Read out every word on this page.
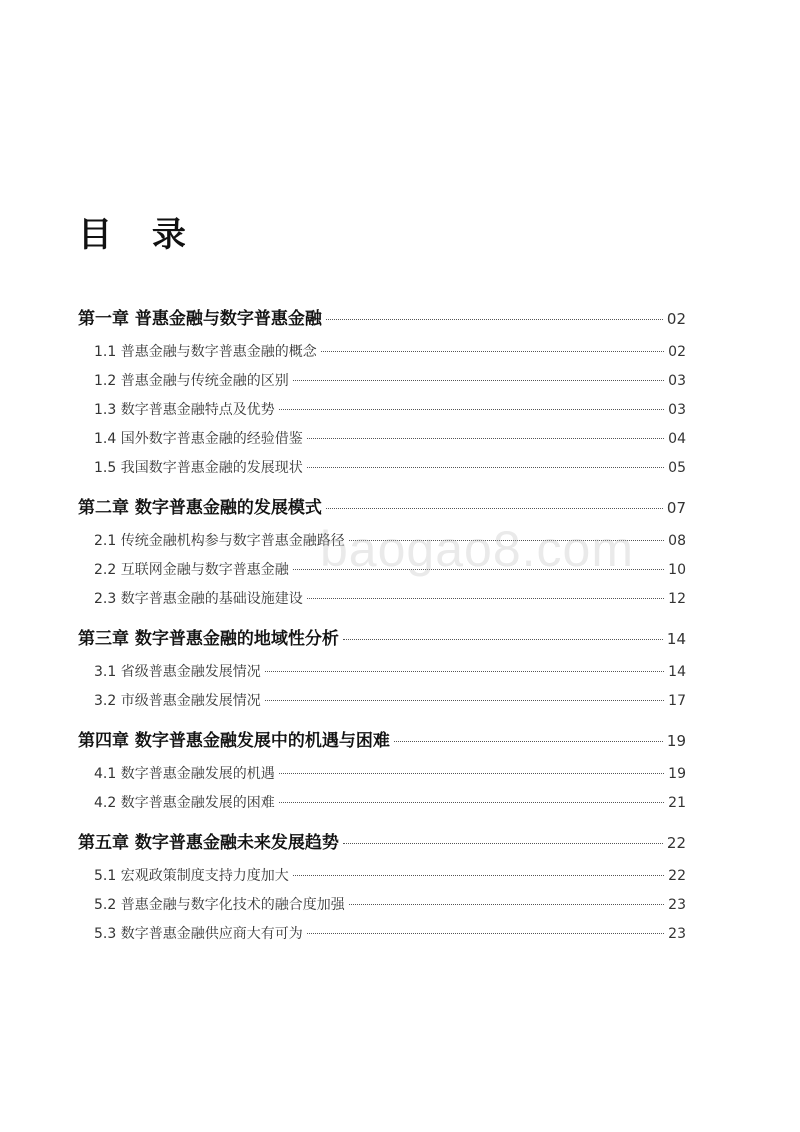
目 录
第一章 普惠金融与数字普惠金融	02
1.1 普惠金融与数字普惠金融的概念	02
1.2 普惠金融与传统金融的区别	03
1.3 数字普惠金融特点及优势	03
1.4 国外数字普惠金融的经验借鉴	04
1.5 我国数字普惠金融的发展现状	05
第二章 数字普惠金融的发展模式	07
2.1 传统金融机构参与数字普惠金融路径	08
2.2 互联网金融与数字普惠金融	10
2.3 数字普惠金融的基础设施建设	12
第三章 数字普惠金融的地域性分析	14
3.1 省级普惠金融发展情况	14
3.2 市级普惠金融发展情况	17
第四章 数字普惠金融发展中的机遇与困难	19
4.1 数字普惠金融发展的机遇	19
4.2 数字普惠金融发展的困难	21
第五章 数字普惠金融未来发展趋势	22
5.1 宏观政策制度支持力度加大	22
5.2 普惠金融与数字化技术的融合度加强	23
5.3 数字普惠金融供应商大有可为	23
baogao8.com
